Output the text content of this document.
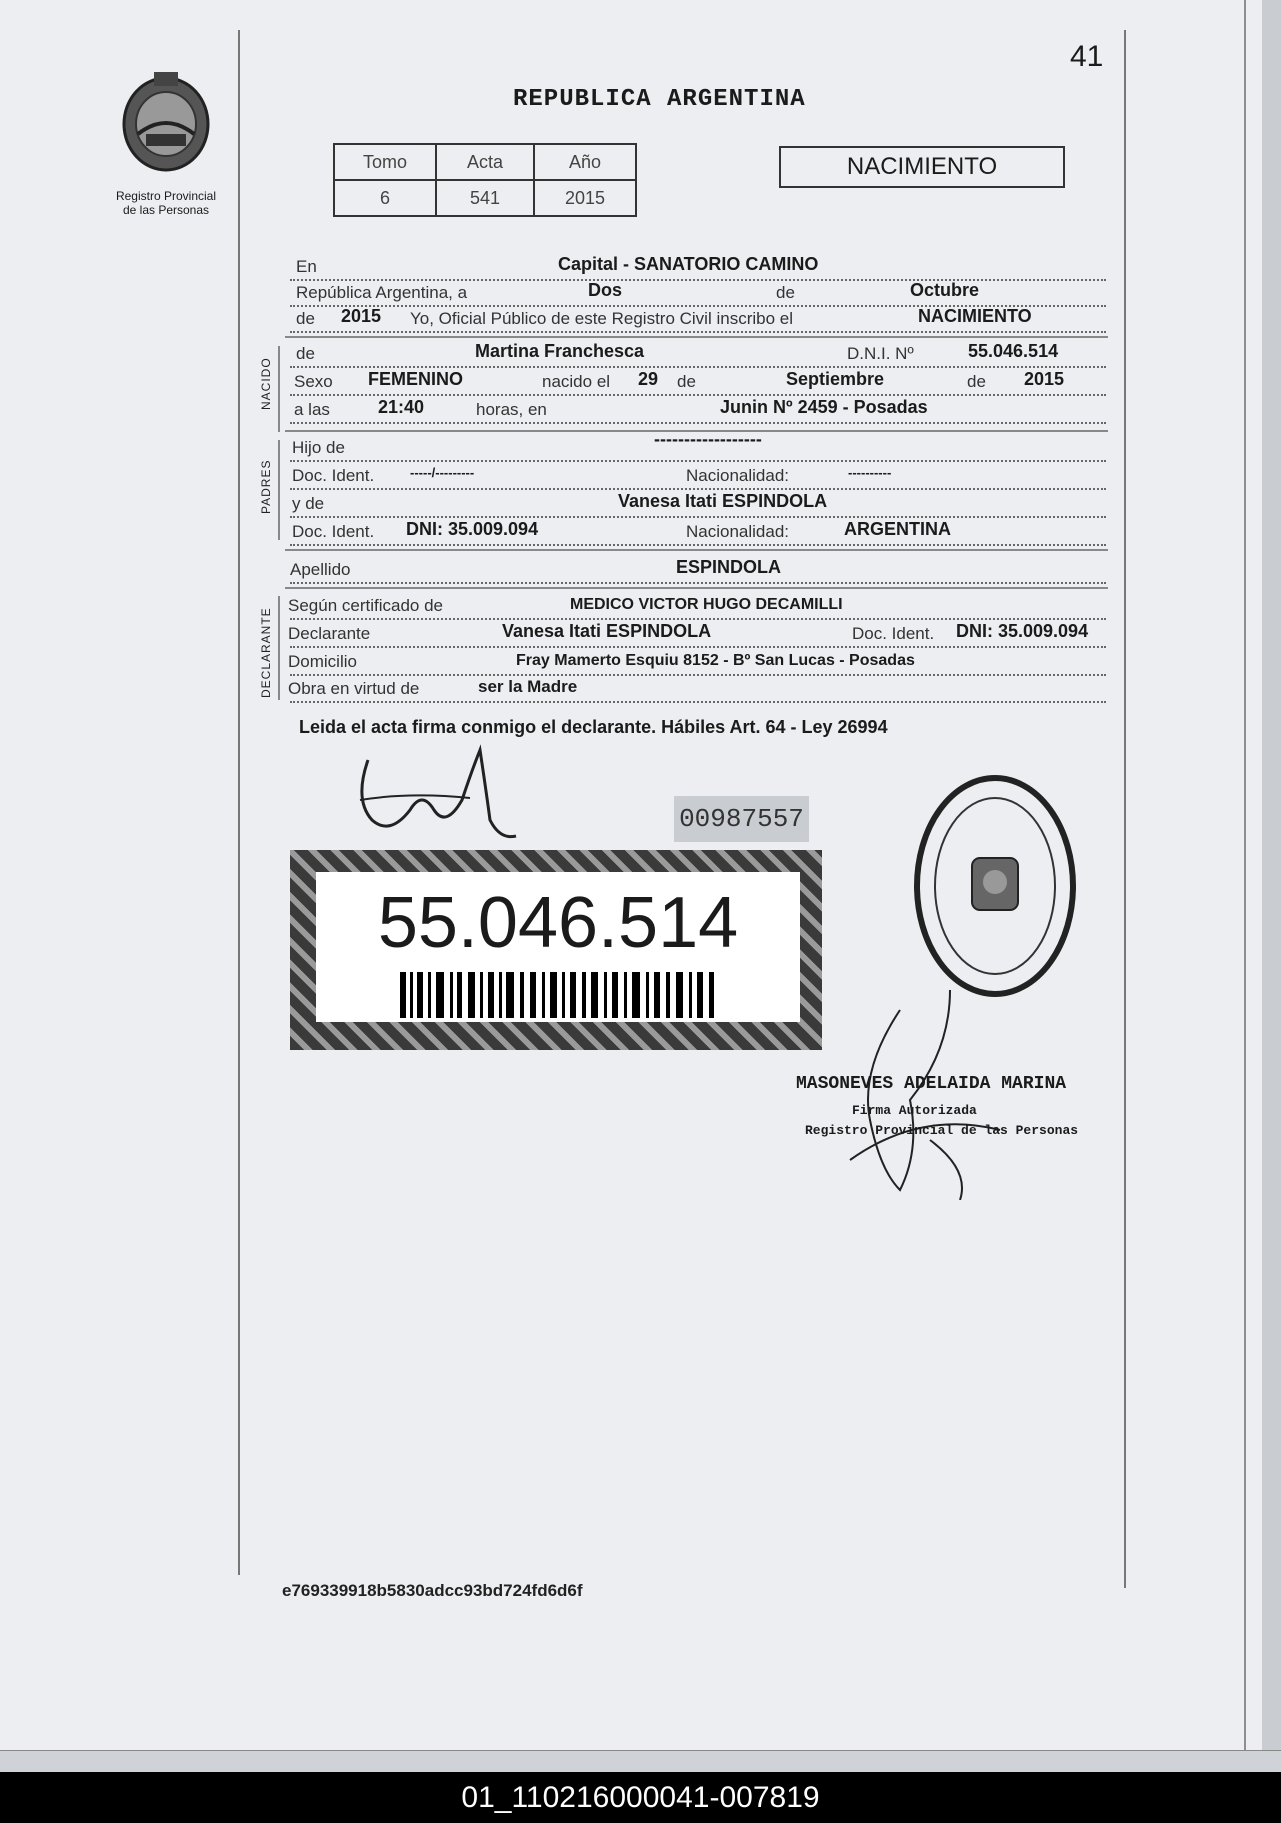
41
Registro Provincial
de las Personas
REPUBLICA ARGENTINA
Tomo	Acta	Año
6	541	2015
NACIMIENTO
En	Capital - SANATORIO CAMINO
República Argentina, a	Dos	de	Octubre
de 2015 Yo, Oficial Público de este Registro Civil inscribo el	NACIMIENTO
NACIDO
de	Martina Franchesca	D.N.I. Nº	55.046.514
Sexo FEMENINO	nacido el 29 de	Septiembre	de 2015
a las	21:40	horas, en	Junin Nº 2459 - Posadas
PADRES
Hijo de	------------------
Doc. Ident.	-----/---------	Nacionalidad:	----------
y de	Vanesa Itati ESPINDOLA
Doc. Ident. DNI: 35.009.094	Nacionalidad:	ARGENTINA
Apellido	ESPINDOLA
DECLARANTE
Según certificado de	MEDICO VICTOR HUGO DECAMILLI
Declarante	Vanesa Itati ESPINDOLA	Doc. Ident. DNI: 35.009.094
Domicilio	Fray Mamerto Esquiu 8152 - Bº San Lucas - Posadas
Obra en virtud de	ser la Madre
Leida el acta firma conmigo el declarante. Hábiles Art. 64 - Ley 26994
00987557
55.046.514
MASONEVES ADELAIDA MARINA
Firma Autorizada
Registro Provincial de las Personas
e769339918b5830adcc93bd724fd6d6f
01_110216000041-007819
